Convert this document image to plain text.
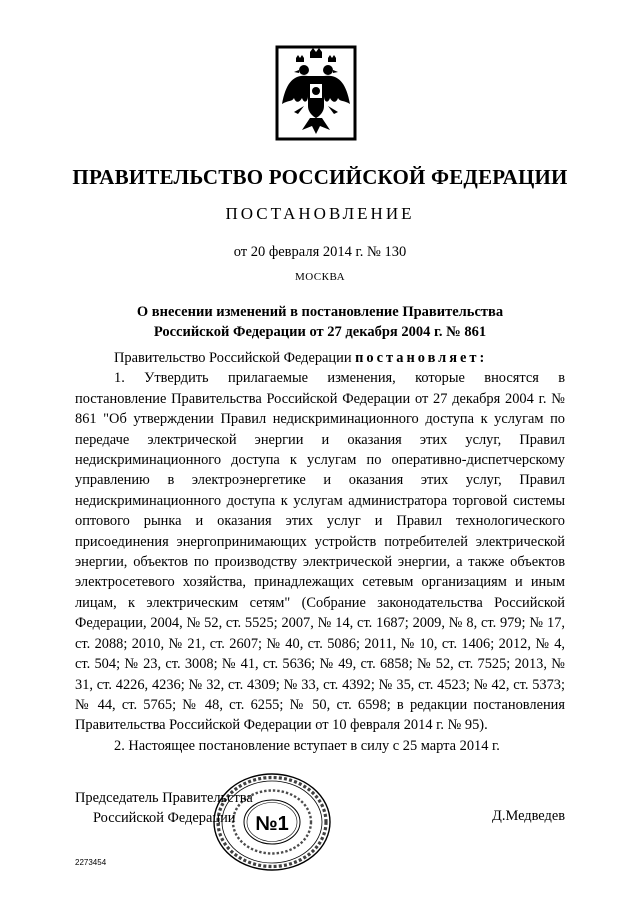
ПРАВИТЕЛЬСТВО РОССИЙСКОЙ ФЕДЕРАЦИИ
ПОСТАНОВЛЕНИЕ
от 20 февраля 2014 г. № 130
МОСКВА
О внесении изменений в постановление Правительства
Российской Федерации от 27 декабря 2004 г. № 861

Правительство Российской Федерации постановляет:

1. Утвердить прилагаемые изменения, которые вносятся в постановление Правительства Российской Федерации от 27 декабря 2004 г. № 861 "Об утверждении Правил недискриминационного доступа к услугам по передаче электрической энергии и оказания этих услуг, Правил недискриминационного доступа к услугам по оперативно-диспетчерскому управлению в электроэнергетике и оказания этих услуг, Правил недискриминационного доступа к услугам администратора торговой системы оптового рынка и оказания этих услуг и Правил технологического присоединения энергопринимающих устройств потребителей электрической энергии, объектов по производству электрической энергии, а также объектов электросетевого хозяйства, принадлежащих сетевым организациям и иным лицам, к электрическим сетям" (Собрание законодательства Российской Федерации, 2004, № 52, ст. 5525; 2007, № 14, ст. 1687; 2009, № 8, ст. 979; № 17, ст. 2088; 2010, № 21, ст. 2607; № 40, ст. 5086; 2011, № 10, ст. 1406; 2012, № 4, ст. 504; № 23, ст. 3008; № 41, ст. 5636; № 49, ст. 6858; № 52, ст. 7525; 2013, № 31, ст. 4226, 4236; № 32, ст. 4309; № 33, ст. 4392; № 35, ст. 4523; № 42, ст. 5373; № 44, ст. 5765; № 48, ст. 6255; № 50, ст. 6598; в редакции постановления Правительства Российской Федерации от 10 февраля 2014 г. № 95).

2. Настоящее постановление вступает в силу с 25 марта 2014 г.

Председатель Правительства
Российской Федерации №1	Д.Медведев
2273454
